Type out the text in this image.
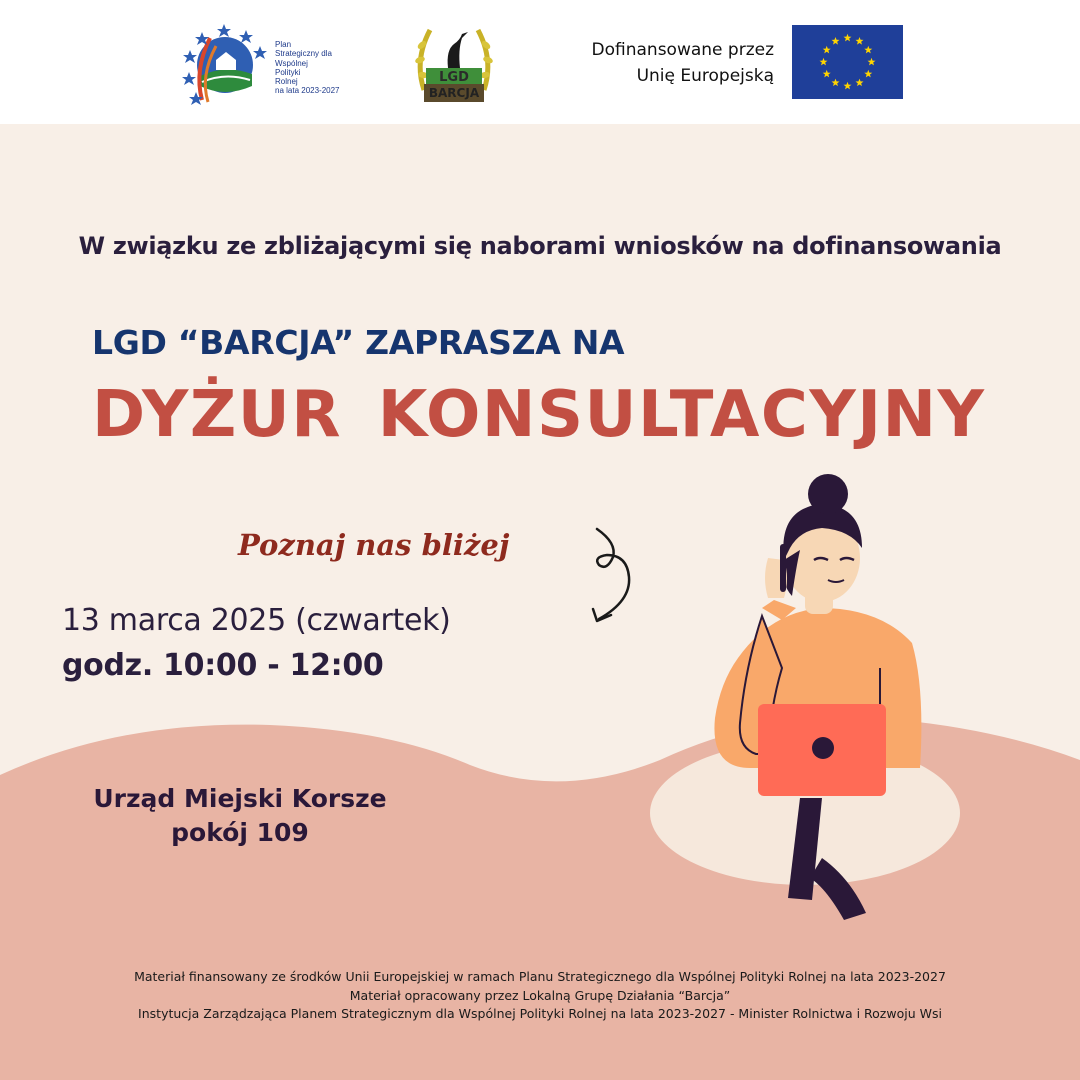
Plan
Strategiczny dla
Wspólnej
Polityki
Rolnej
na lata 2023-2027
LGD
BARCJA
Dofinansowane przez
Unię Europejską
W związku ze zbliżającymi się naborami wniosków na dofinansowania
LGD “BARCJA” ZAPRASZA NA
DYŻUR KONSULTACYJNY
Poznaj nas bliżej
13 marca 2025 (czwartek)
godz. 10:00 - 12:00
Urząd Miejski Korsze
pokój 109
Materiał finansowany ze środków Unii Europejskiej w ramach Planu Strategicznego dla Wspólnej Polityki Rolnej na lata 2023-2027
Materiał opracowany przez Lokalną Grupę Działania “Barcja”
Instytucja Zarządzająca Planem Strategicznym dla Wspólnej Polityki Rolnej na lata 2023-2027 - Minister Rolnictwa i Rozwoju Wsi
